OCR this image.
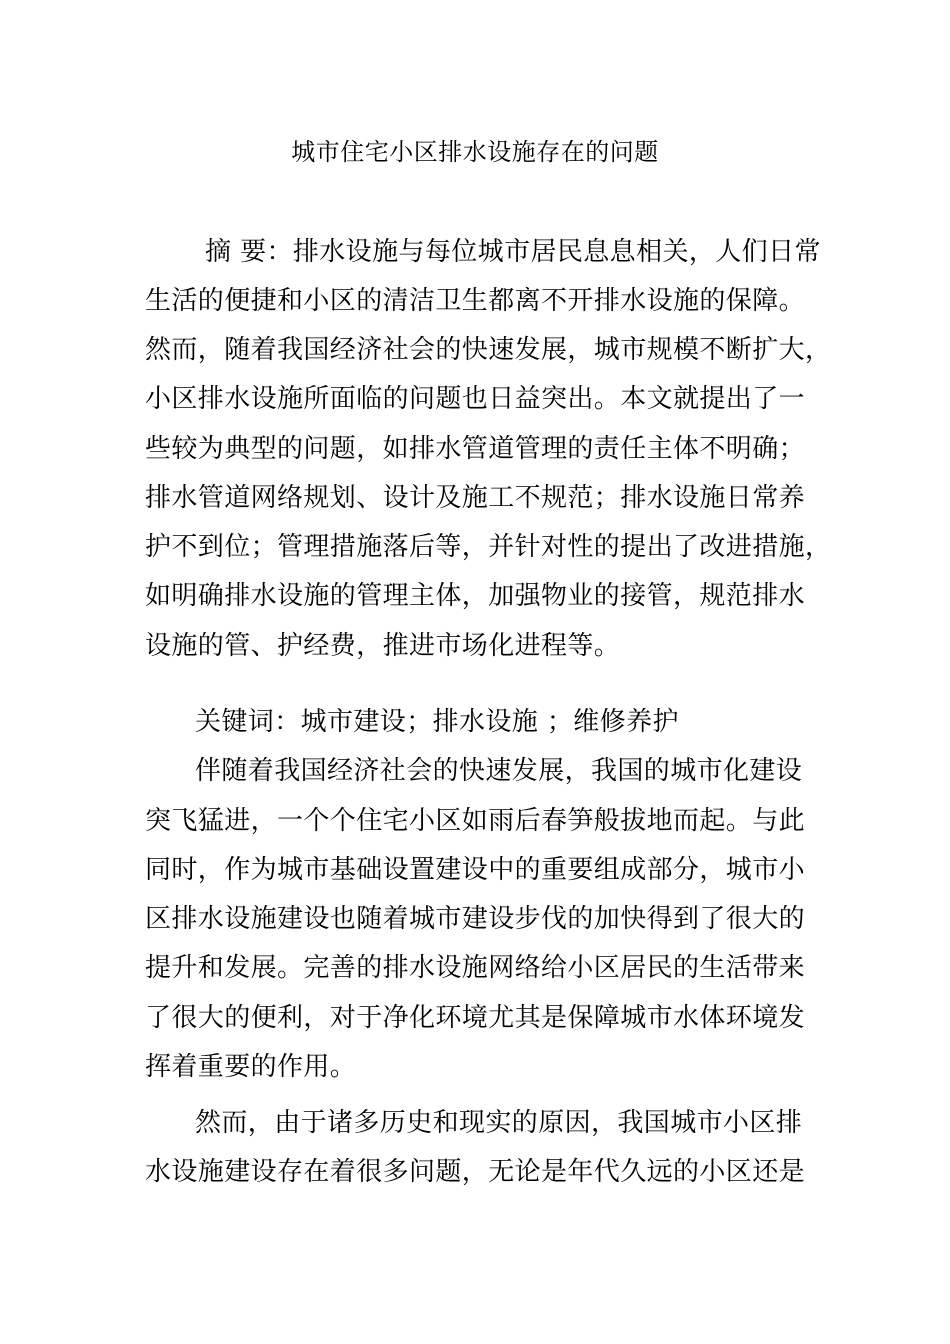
城市住宅小区排水设施存在的问题
摘 要：排水设施与每位城市居民息息相关，人们日常
生活的便捷和小区的清洁卫生都离不开排水设施的保障。
然而，随着我国经济社会的快速发展，城市规模不断扩大，
小区排水设施所面临的问题也日益突出。本文就提出了一
些较为典型的问题，如排水管道管理的责任主体不明确；
排水管道网络规划、设计及施工不规范；排水设施日常养
护不到位；管理措施落后等，并针对性的提出了改进措施，
如明确排水设施的管理主体，加强物业的接管，规范排水
设施的管、护经费，推进市场化进程等。
关键词：城市建设；排水设施 ；维修养护
伴随着我国经济社会的快速发展，我国的城市化建设
突飞猛进，一个个住宅小区如雨后春笋般拔地而起。与此
同时，作为城市基础设置建设中的重要组成部分，城市小
区排水设施建设也随着城市建设步伐的加快得到了很大的
提升和发展。完善的排水设施网络给小区居民的生活带来
了很大的便利，对于净化环境尤其是保障城市水体环境发
挥着重要的作用。
然而，由于诸多历史和现实的原因，我国城市小区排
水设施建设存在着很多问题，无论是年代久远的小区还是
